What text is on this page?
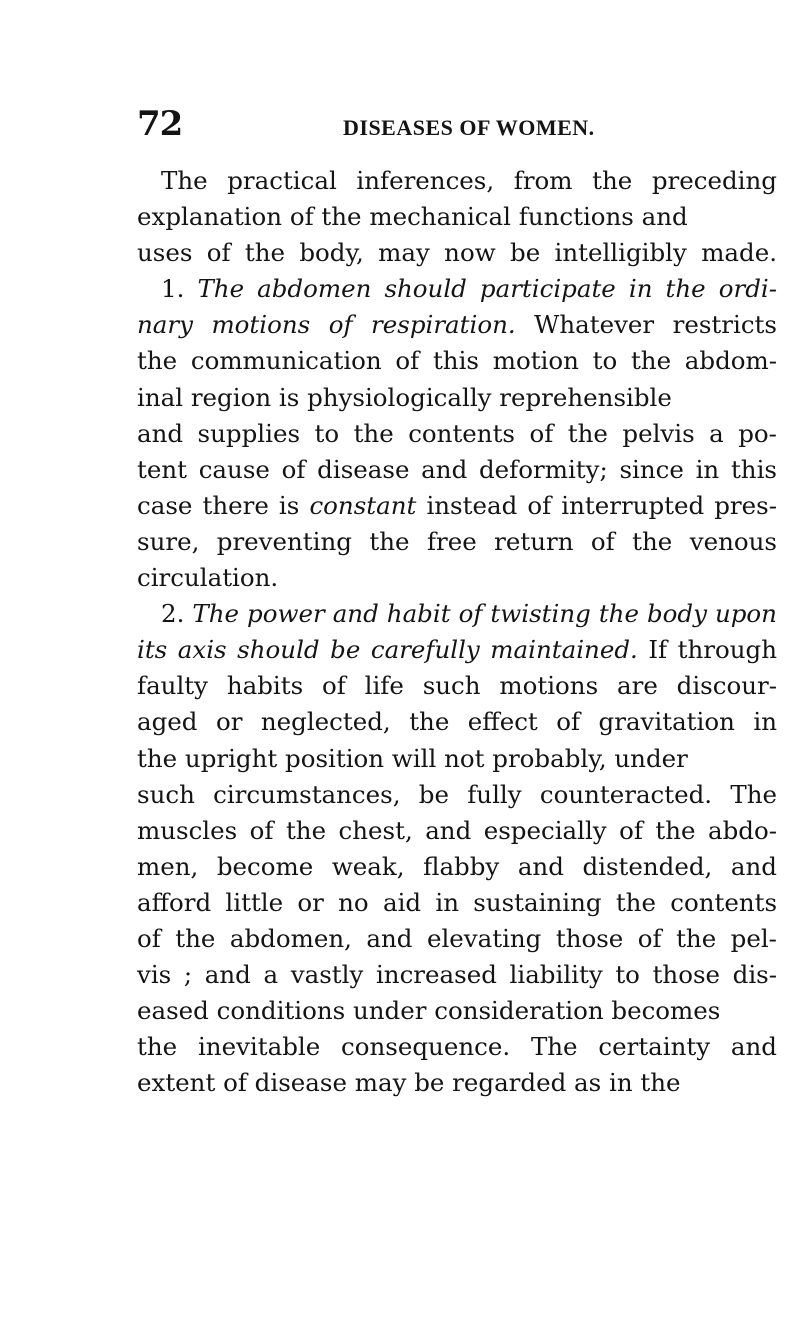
72	DISEASES OF WOMEN.
The practical inferences, from the preceding
explanation of the mechanical functions and
uses of the body, may now be intelligibly made.
1. The abdomen should participate in the ordi-
nary motions of respiration. Whatever restricts
the communication of this motion to the abdom-
inal region is physiologically reprehensible
and supplies to the contents of the pelvis a po-
tent cause of disease and deformity; since in this
case there is constant instead of interrupted pres-
sure, preventing the free return of the venous
circulation.
2. The power and habit of twisting the body upon
its axis should be carefully maintained. If through
faulty habits of life such motions are discour-
aged or neglected, the effect of gravitation in
the upright position will not probably, under
such circumstances, be fully counteracted. The
muscles of the chest, and especially of the abdo-
men, become weak, flabby and distended, and
afford little or no aid in sustaining the contents
of the abdomen, and elevating those of the pel-
vis ; and a vastly increased liability to those dis-
eased conditions under consideration becomes
the inevitable consequence. The certainty and
extent of disease may be regarded as in the
